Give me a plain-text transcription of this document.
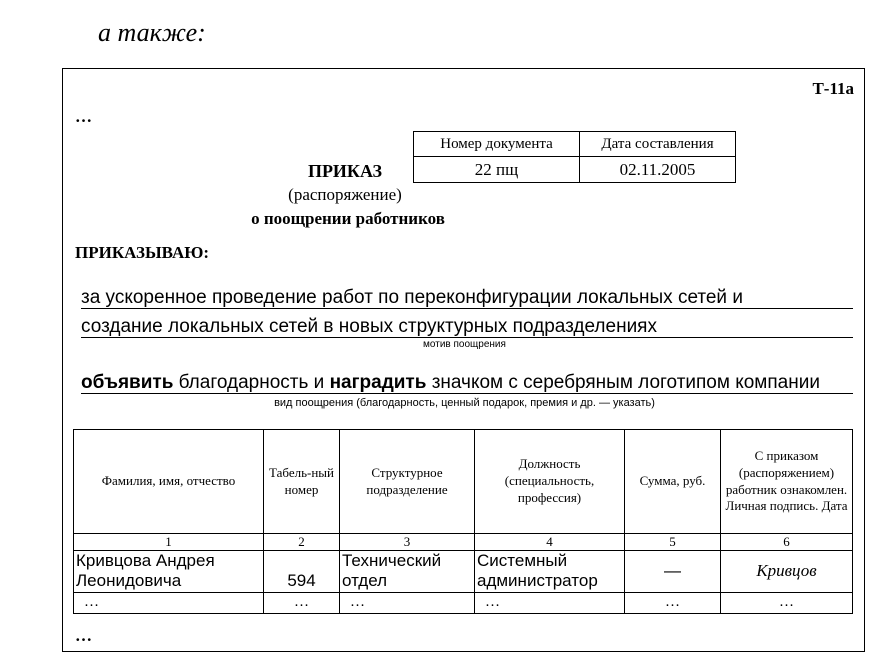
а также:
Т-11а
…
Номер документа	Дата составления
22 пщ	02.11.2005
ПРИКАЗ
(распоряжение)
о поощрении работников
ПРИКАЗЫВАЮ:
за ускоренное проведение работ по переконфигурации локальных сетей и
создание локальных сетей в новых структурных подразделениях
мотив поощрения
объявить благодарность и наградить значком с серебряным логотипом компании
вид поощрения (благодарность, ценный подарок, премия и др. — указать)
Фамилия, имя, отчество	Табель-ный номер	Структурное подразделение	Должность (специальность, профессия)	Сумма, руб.	С приказом (распоряжением) работник ознакомлен. Личная подпись. Дата
1	2	3	4	5	6
Кривцова Андрея Леонидовича	594	Технический отдел	Системный администратор	—	Кривцов
…	…	…	…	…	…
…
